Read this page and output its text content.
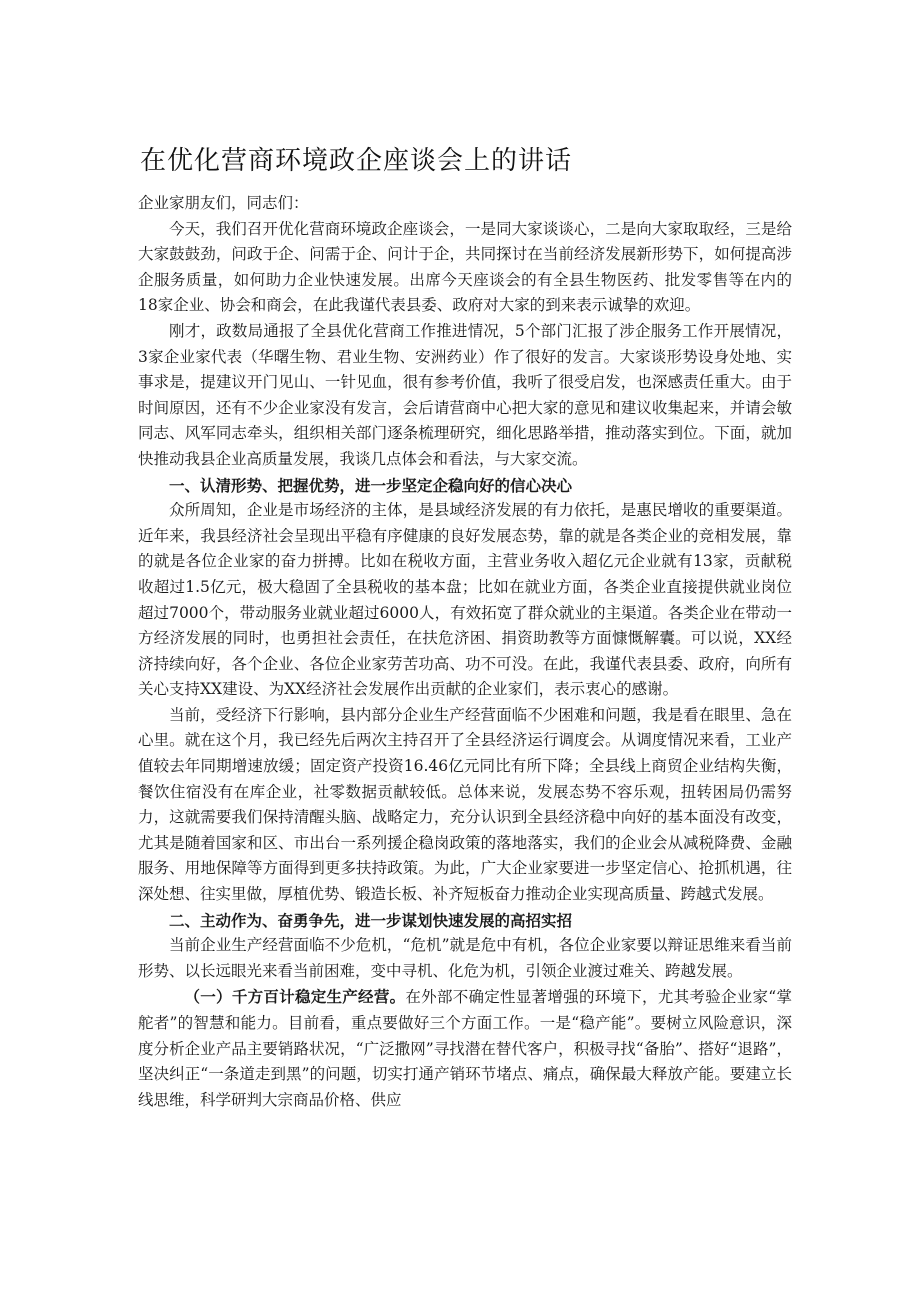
在优化营商环境政企座谈会上的讲话

企业家朋友们，同志们：

今天，我们召开优化营商环境政企座谈会，一是同大家谈谈心，二是向大家取取经，三是给大家鼓鼓劲，问政于企、问需于企、问计于企，共同探讨在当前经济发展新形势下，如何提高涉企服务质量，如何助力企业快速发展。出席今天座谈会的有全县生物医药、批发零售等在内的18家企业、协会和商会，在此我谨代表县委、政府对大家的到来表示诚挚的欢迎。

刚才，政数局通报了全县优化营商工作推进情况，5个部门汇报了涉企服务工作开展情况，3家企业家代表（华曙生物、君业生物、安洲药业）作了很好的发言。大家谈形势设身处地、实事求是，提建议开门见山、一针见血，很有参考价值，我听了很受启发，也深感责任重大。由于时间原因，还有不少企业家没有发言，会后请营商中心把大家的意见和建议收集起来，并请会敏同志、风军同志牵头，组织相关部门逐条梳理研究，细化思路举措，推动落实到位。下面，就加快推动我县企业高质量发展，我谈几点体会和看法，与大家交流。

一、认清形势、把握优势，进一步坚定企稳向好的信心决心

众所周知，企业是市场经济的主体，是县域经济发展的有力依托，是惠民增收的重要渠道。近年来，我县经济社会呈现出平稳有序健康的良好发展态势，靠的就是各类企业的竞相发展，靠的就是各位企业家的奋力拼搏。比如在税收方面，主营业务收入超亿元企业就有13家，贡献税收超过1.5亿元，极大稳固了全县税收的基本盘；比如在就业方面，各类企业直接提供就业岗位超过7000个，带动服务业就业超过6000人，有效拓宽了群众就业的主渠道。各类企业在带动一方经济发展的同时，也勇担社会责任，在扶危济困、捐资助教等方面慷慨解囊。可以说，XX经济持续向好，各个企业、各位企业家劳苦功高、功不可没。在此，我谨代表县委、政府，向所有关心支持XX建设、为XX经济社会发展作出贡献的企业家们，表示衷心的感谢。

当前，受经济下行影响，县内部分企业生产经营面临不少困难和问题，我是看在眼里、急在心里。就在这个月，我已经先后两次主持召开了全县经济运行调度会。从调度情况来看，工业产值较去年同期增速放缓；固定资产投资16.46亿元同比有所下降；全县线上商贸企业结构失衡，餐饮住宿没有在库企业，社零数据贡献较低。总体来说，发展态势不容乐观，扭转困局仍需努力，这就需要我们保持清醒头脑、战略定力，充分认识到全县经济稳中向好的基本面没有改变，尤其是随着国家和区、市出台一系列援企稳岗政策的落地落实，我们的企业会从减税降费、金融服务、用地保障等方面得到更多扶持政策。为此，广大企业家要进一步坚定信心、抢抓机遇，往深处想、往实里做，厚植优势、锻造长板、补齐短板奋力推动企业实现高质量、跨越式发展。

二、主动作为、奋勇争先，进一步谋划快速发展的高招实招

当前企业生产经营面临不少危机，“危机”就是危中有机，各位企业家要以辩证思维来看当前形势、以长远眼光来看当前困难，变中寻机、化危为机，引领企业渡过难关、跨越发展。

（一）千方百计稳定生产经营。在外部不确定性显著增强的环境下，尤其考验企业家“掌舵者”的智慧和能力。目前看，重点要做好三个方面工作。一是“稳产能”。要树立风险意识，深度分析企业产品主要销路状况，“广泛撒网”寻找潜在替代客户，积极寻找“备胎”、搭好“退路”，坚决纠正“一条道走到黑”的问题，切实打通产销环节堵点、痛点，确保最大释放产能。要建立长线思维，科学研判大宗商品价格、供应
